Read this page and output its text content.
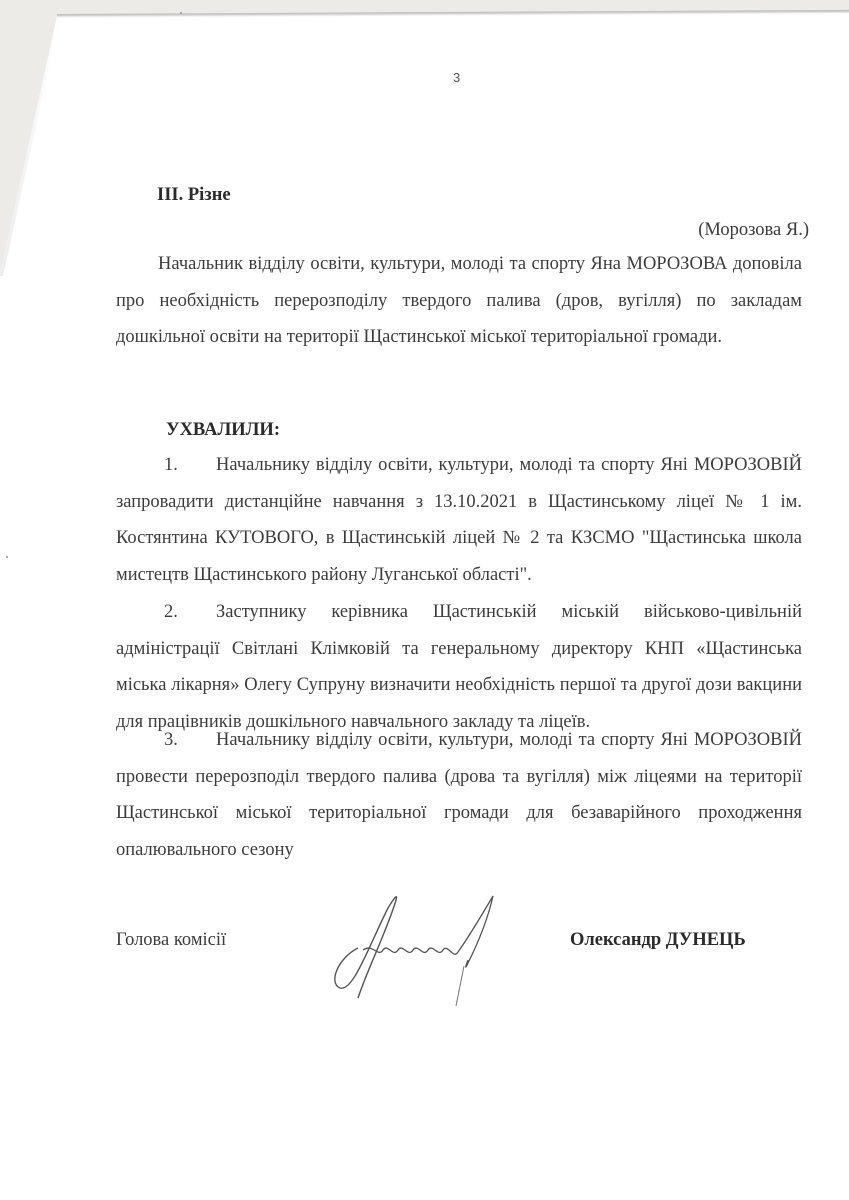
3
III. Різне
(Морозова Я.)
Начальник відділу освіти, культури, молоді та спорту Яна МОРОЗОВА доповіла про необхідність перерозподілу твердого палива (дров, вугілля) по закладам дошкільної освіти на території Щастинської міської територіальної громади.
УХВАЛИЛИ:
1. Начальнику відділу освіти, культури, молоді та спорту Яні МОРОЗОВІЙ запровадити дистанційне навчання з 13.10.2021 в Щастинському ліцеї № 1 ім. Костянтина КУТОВОГО, в Щастинській ліцей № 2 та КЗСМО "Щастинська школа мистецтв Щастинського району Луганської області".
2. Заступнику керівника Щастинській міській військово-цивільній адміністрації Світлані Клімковій та генеральному директору КНП «Щастинська міська лікарня» Олегу Супруну визначити необхідність першої та другої дози вакцини для працівників дошкільного навчального закладу та ліцеїв.
3. Начальнику відділу освіти, культури, молоді та спорту Яні МОРОЗОВІЙ провести перерозподіл твердого палива (дрова та вугілля) між ліцеями на території Щастинської міської територіальної громади для безаварійного проходження опалювального сезону
Голова комісії	Олександр ДУНЕЦЬ
